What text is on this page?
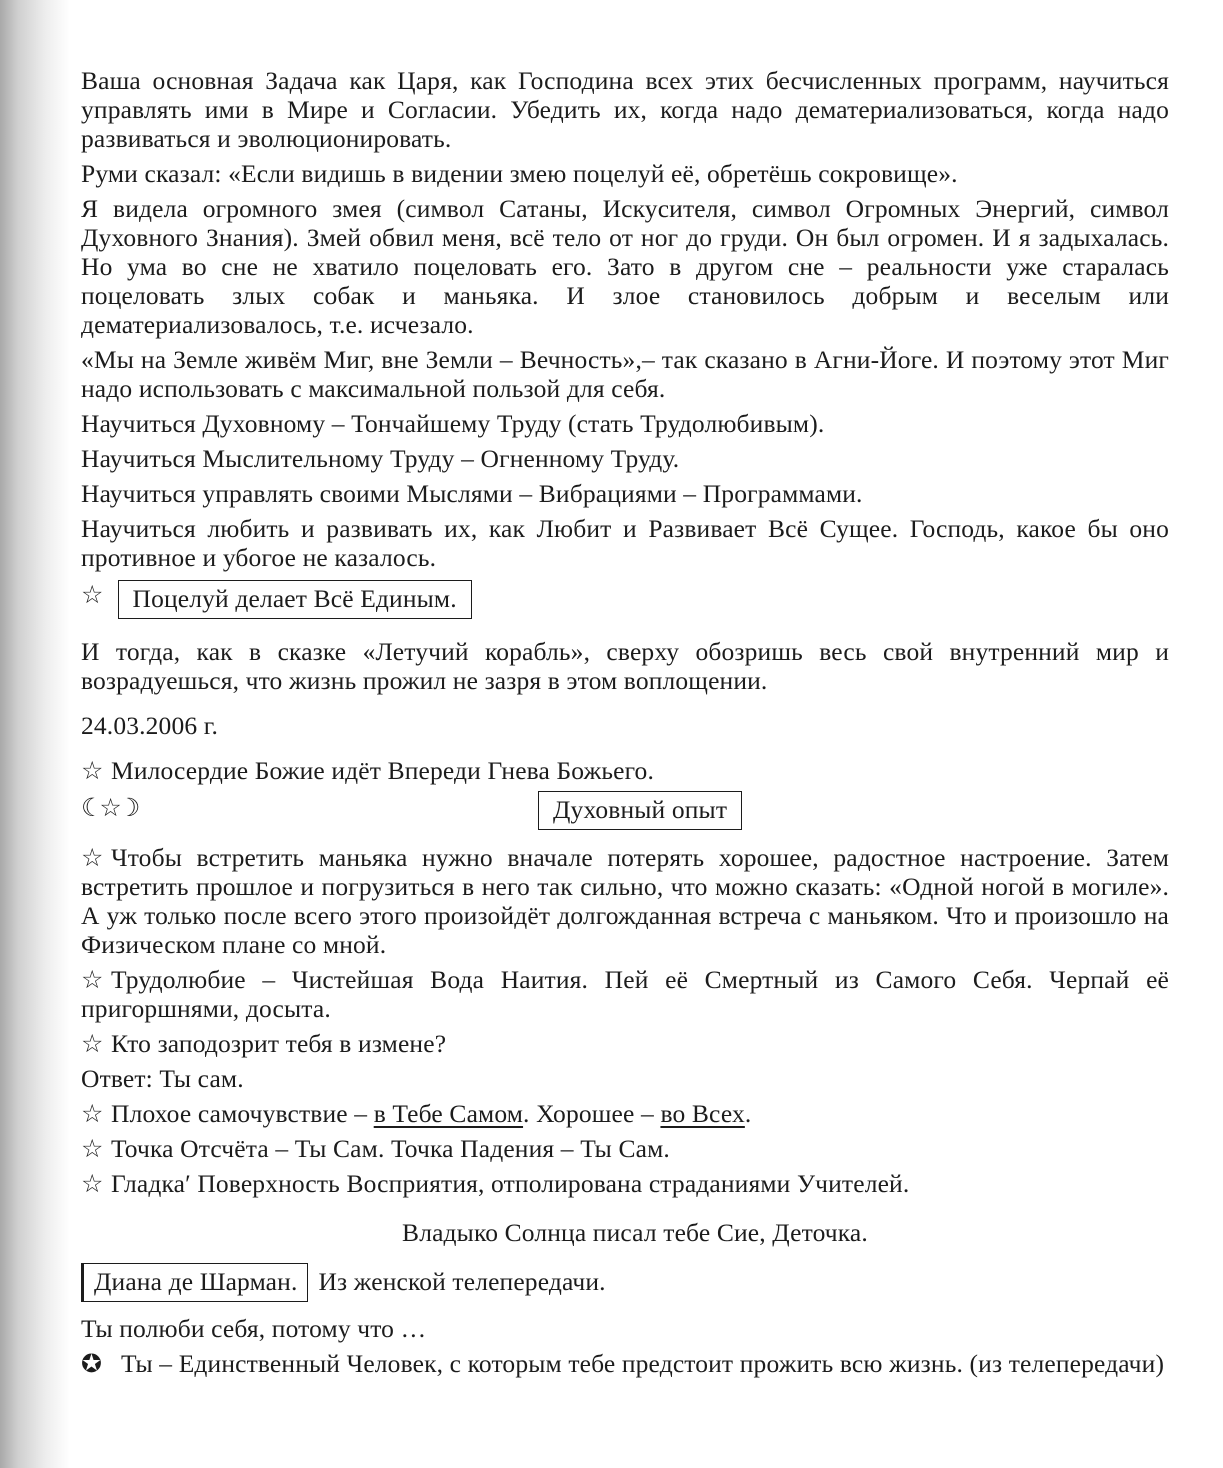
Ваша основная Задача как Царя, как Господина всех этих бесчисленных программ, научиться управлять ими в Мире и Согласии. Убедить их, когда надо дематериализоваться, когда надо развиваться и эволюционировать.

Руми сказал: «Если видишь в видении змею поцелуй её, обретёшь сокровище».

Я видела огромного змея (символ Сатаны, Искусителя, символ Огромных Энергий, символ Духовного Знания). Змей обвил меня, всё тело от ног до груди. Он был огромен. И я задыхалась. Но ума во сне не хватило поцеловать его. Зато в другом сне – реальности уже старалась поцеловать злых собак и маньяка. И злое становилось добрым и веселым или дематериализовалось, т.е. исчезало.

«Мы на Земле живём Миг, вне Земли – Вечность»,– так сказано в Агни-Йоге. И поэтому этот Миг надо использовать с максимальной пользой для себя.

Научиться Духовному – Тончайшему Труду (стать Трудолюбивым).

Научиться Мыслительному Труду – Огненному Труду.

Научиться управлять своими Мыслями – Вибрациями – Программами.

Научиться любить и развивать их, как Любит и Развивает Всё Сущее. Господь, какое бы оно противное и убогое не казалось.

☆ Поцелуй делает Всё Единым.

И тогда, как в сказке «Летучий корабль», сверху обозришь весь свой внутренний мир и возрадуешься, что жизнь прожил не зазря в этом воплощении.

24.03.2006 г.

☆ Милосердие Божие идёт Впереди Гнева Божьего.

☾☆☽	Духовный опыт

☆ Чтобы встретить маньяка нужно вначале потерять хорошее, радостное настроение. Затем встретить прошлое и погрузиться в него так сильно, что можно сказать: «Одной ногой в могиле». А уж только после всего этого произойдёт долгожданная встреча с маньяком. Что и произошло на Физическом плане со мной.

☆ Трудолюбие – Чистейшая Вода Наития. Пей её Смертный из Самого Себя. Черпай её пригоршнями, досыта.

☆ Кто заподозрит тебя в измене?

Ответ: Ты сам.

☆ Плохое самочувствие – в Тебе Самом. Хорошее – во Всех.

☆ Точка Отсчёта – Ты Сам. Точка Падения – Ты Сам.

☆ Гладка′ Поверхность Восприятия, отполирована страданиями Учителей.

Владыко Солнца писал тебе Сие, Деточка.
Диана де Шарман. Из женской телепередачи.

Ты полюби себя, потому что …

✪ Ты – Единственный Человек, с которым тебе предстоит прожить всю жизнь. (из телепередачи)
